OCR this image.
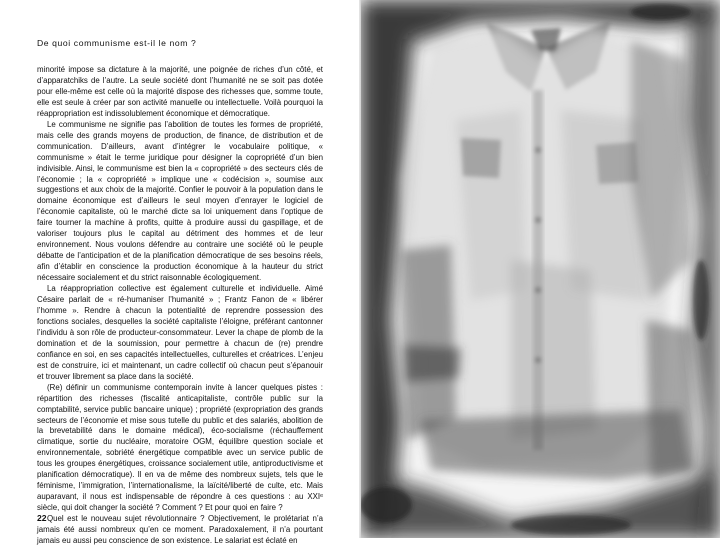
De quoi communisme est-il le nom ?

minorité impose sa dictature à la majorité, une poignée de riches d’un côté, et d’apparatchiks de l’autre. La seule société dont l’humanité ne se soit pas dotée pour elle-même est celle où la majorité dispose des richesses que, somme toute, elle est seule à créer par son activité manuelle ou intellectuelle. Voilà pourquoi la réappropriation est indissolublement économique et démocratique.

Le communisme ne signifie pas l’abolition de toutes les formes de propriété, mais celle des grands moyens de production, de finance, de distribution et de communication. D’ailleurs, avant d’intégrer le vocabulaire politique, « communisme » était le terme juridique pour désigner la copropriété d’un bien indivisible. Ainsi, le communisme est bien la « copropriété » des secteurs clés de l’économie ; la « copropriété » implique une « codécision », soumise aux suggestions et aux choix de la majorité. Confier le pouvoir à la population dans le domaine économique est d’ailleurs le seul moyen d’enrayer le logiciel de l’économie capitaliste, où le marché dicte sa loi uniquement dans l’optique de faire tourner la machine à profits, quitte à produire aussi du gaspillage, et de valoriser toujours plus le capital au détriment des hommes et de leur environnement. Nous voulons défendre au contraire une société où le peuple débatte de l’anticipation et de la planification démocratique de ses besoins réels, afin d’établir en conscience la production économique à la hauteur du strict nécessaire socialement et du strict raisonnable écologiquement.

La réappropriation collective est également culturelle et individuelle. Aimé Césaire parlait de « ré-humaniser l’humanité » ; Frantz Fanon de « libérer l’homme ». Rendre à chacun la potentialité de reprendre possession des fonctions sociales, desquelles la société capitaliste l’éloigne, préférant cantonner l’individu à son rôle de producteur-consommateur. Lever la chape de plomb de la domination et de la soumission, pour permettre à chacun de (re) prendre confiance en soi, en ses capacités intellectuelles, culturelles et créatrices. L’enjeu est de construire, ici et maintenant, un cadre collectif où chacun peut s’épanouir et trouver librement sa place dans la société.

(Re) définir un communisme contemporain invite à lancer quelques pistes : répartition des richesses (fiscalité anticapitaliste, contrôle public sur la comptabilité, service public bancaire unique) ; propriété (expropriation des grands secteurs de l’économie et mise sous tutelle du public et des salariés, abolition de la brevetabilité dans le domaine médical), éco-socialisme (réchauffement climatique, sortie du nucléaire, moratoire OGM, équilibre question sociale et environnementale, sobriété énergétique compatible avec un service public de tous les groupes énergétiques, croissance socialement utile, antiproductivisme et planification démocratique). Il en va de même des nombreux sujets, tels que le féminisme, l’immigration, l’internationalisme, la laïcité/liberté de culte, etc. Mais auparavant, il nous est indispensable de répondre à ces questions : au XXIᵉ siècle, qui doit changer la société ? Comment ? Et pour quoi en faire ?

Quel est le nouveau sujet révolutionnaire ? Objectivement, le prolétariat n’a jamais été aussi nombreux qu’en ce moment. Paradoxalement, il n’a pourtant jamais eu aussi peu conscience de son existence. Le salariat est éclaté en

22
